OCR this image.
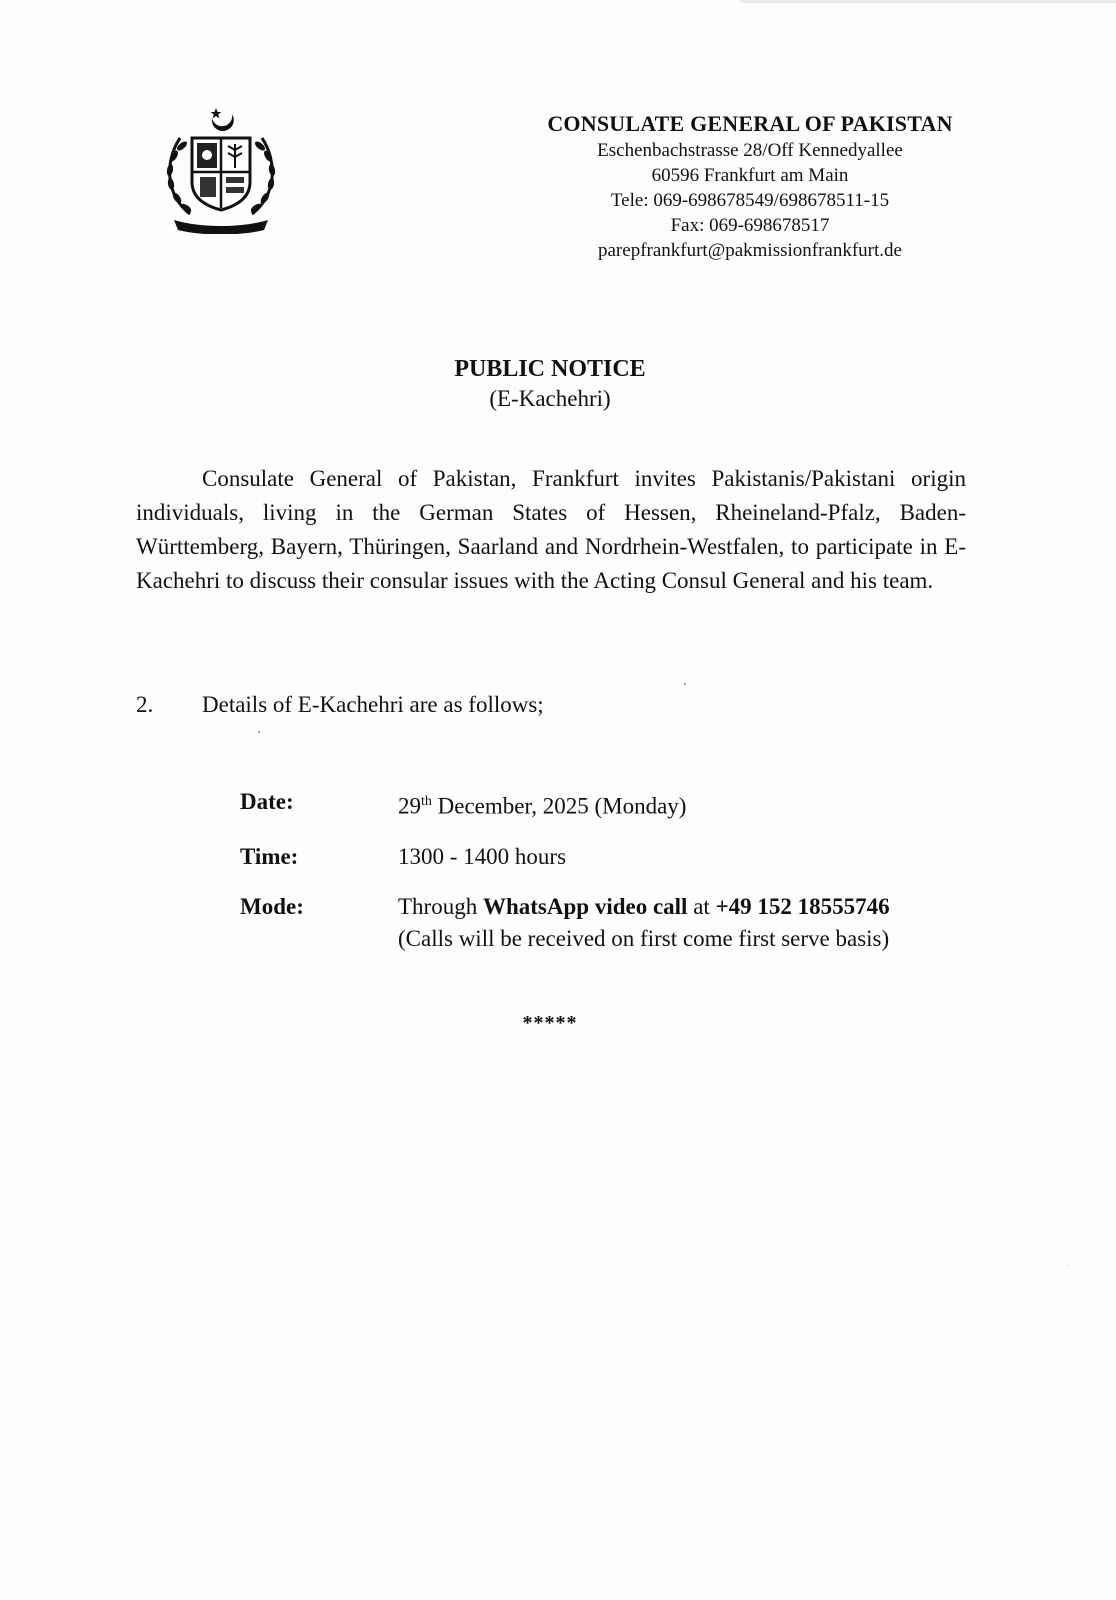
CONSULATE GENERAL OF PAKISTAN
Eschenbachstrasse 28/Off Kennedyallee
60596 Frankfurt am Main
Tele: 069-698678549/698678511-15
Fax: 069-698678517
parepfrankfurt@pakmissionfrankfurt.de
PUBLIC NOTICE
(E-Kachehri)
Consulate General of Pakistan, Frankfurt invites Pakistanis/Pakistani origin individuals, living in the German States of Hessen, Rheineland-Pfalz, Baden-Württemberg, Bayern, Thüringen, Saarland and Nordrhein-Westfalen, to participate in E-Kachehri to discuss their consular issues with the Acting Consul General and his team.
2. Details of E-Kachehri are as follows;
Date:	29th December, 2025 (Monday)
Time:	1300 - 1400 hours
Mode:	Through WhatsApp video call at +49 152 18555746
(Calls will be received on first come first serve basis)
*****
